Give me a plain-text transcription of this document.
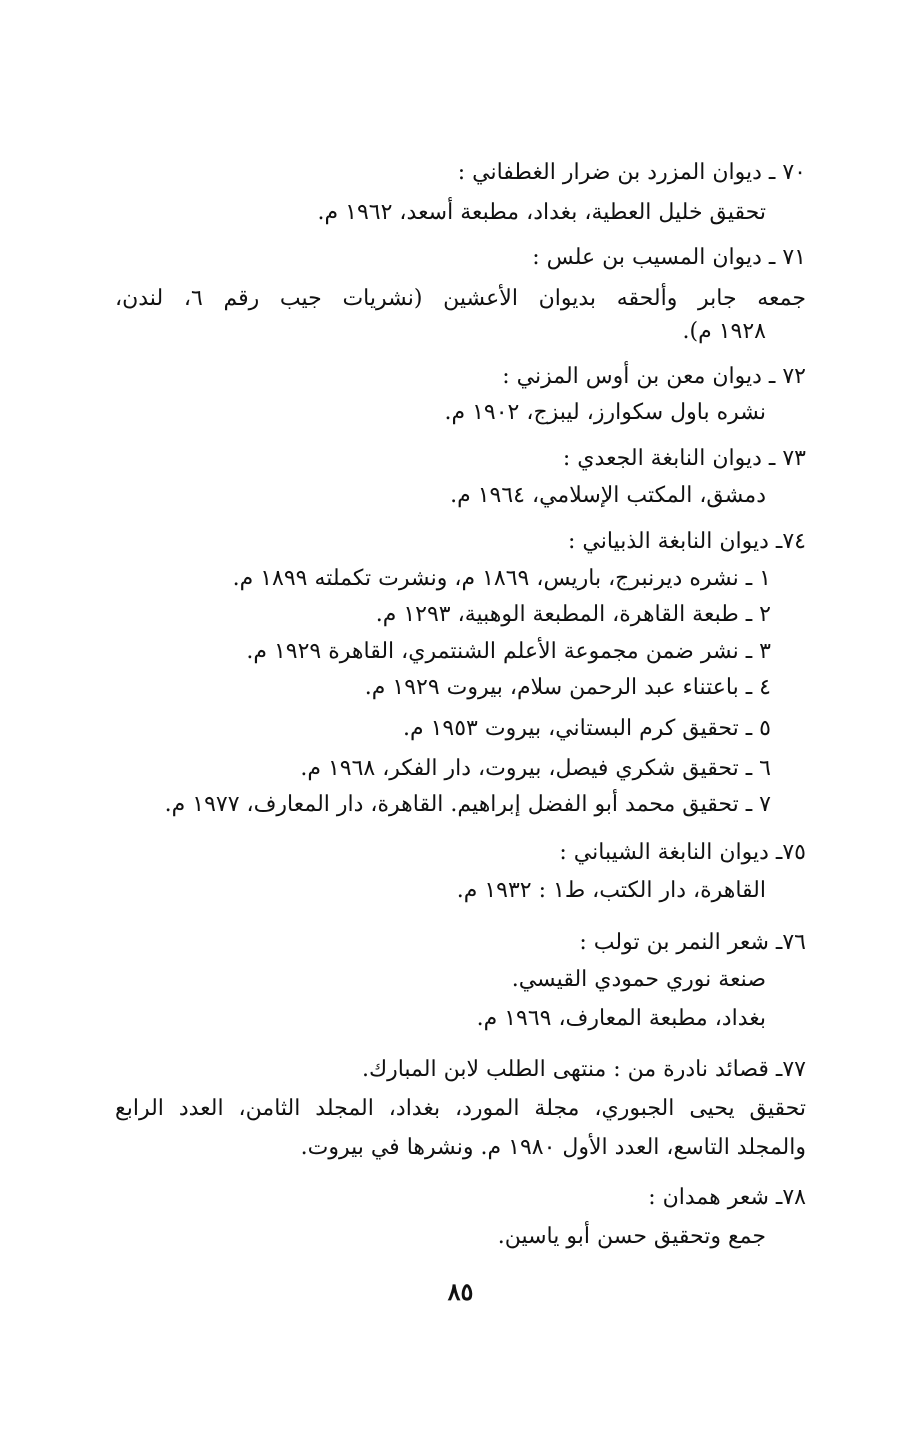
٧٠ ـ ديوان المزرد بن ضرار الغطفاني :
تحقيق خليل العطية، بغداد، مطبعة أسعد، ١٩٦٢ م.
٧١ ـ ديوان المسيب بن علس :
جمعه جابر وألحقه بديوان الأعشين (نشريات جيب رقم ٦، لندن،
١٩٢٨ م).
٧٢ ـ ديوان معن بن أوس المزني :
نشره باول سكوارز، ليبزج، ١٩٠٢ م.
٧٣ ـ ديوان النابغة الجعدي :
دمشق، المكتب الإسلامي، ١٩٦٤ م.
٧٤ـ ديوان النابغة الذبياني :
١ ـ نشره ديرنبرج، باريس، ١٨٦٩ م، ونشرت تكملته ١٨٩٩ م.
٢ ـ طبعة القاهرة، المطبعة الوهبية، ١٢٩٣ م.
٣ ـ نشر ضمن مجموعة الأعلم الشنتمري، القاهرة ١٩٢٩ م.
٤ ـ باعتناء عبد الرحمن سلام، بيروت ١٩٢٩ م.
٥ ـ تحقيق كرم البستاني، بيروت ١٩٥٣ م.
٦ ـ تحقيق شكري فيصل، بيروت، دار الفكر، ١٩٦٨ م.
٧ ـ تحقيق محمد أبو الفضل إبراهيم. القاهرة، دار المعارف، ١٩٧٧ م.
٧٥ـ ديوان النابغة الشيباني :
القاهرة، دار الكتب، ط١ : ١٩٣٢ م.
٧٦ـ شعر النمر بن تولب :
صنعة نوري حمودي القيسي.
بغداد، مطبعة المعارف، ١٩٦٩ م.
٧٧ـ قصائد نادرة من : منتهى الطلب لابن المبارك.
تحقيق يحيى الجبوري، مجلة المورد، بغداد، المجلد الثامن، العدد الرابع
والمجلد التاسع، العدد الأول ١٩٨٠ م. ونشرها في بيروت.
٧٨ـ شعر همدان :
جمع وتحقيق حسن أبو ياسين.
٨٥
